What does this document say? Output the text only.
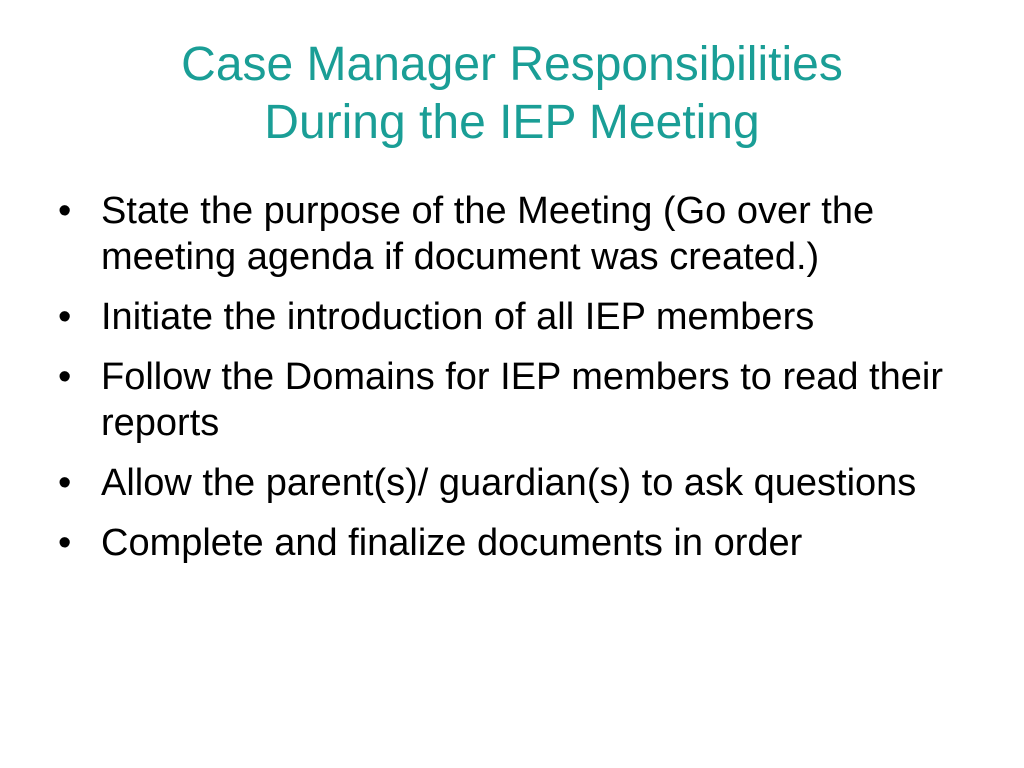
Case Manager Responsibilities
During the IEP Meeting
• State the purpose of the Meeting (Go over the meeting agenda if document was created.)
• Initiate the introduction of all IEP members
• Follow the Domains for IEP members to read their reports
• Allow the parent(s)/ guardian(s) to ask questions
• Complete and finalize documents in order
